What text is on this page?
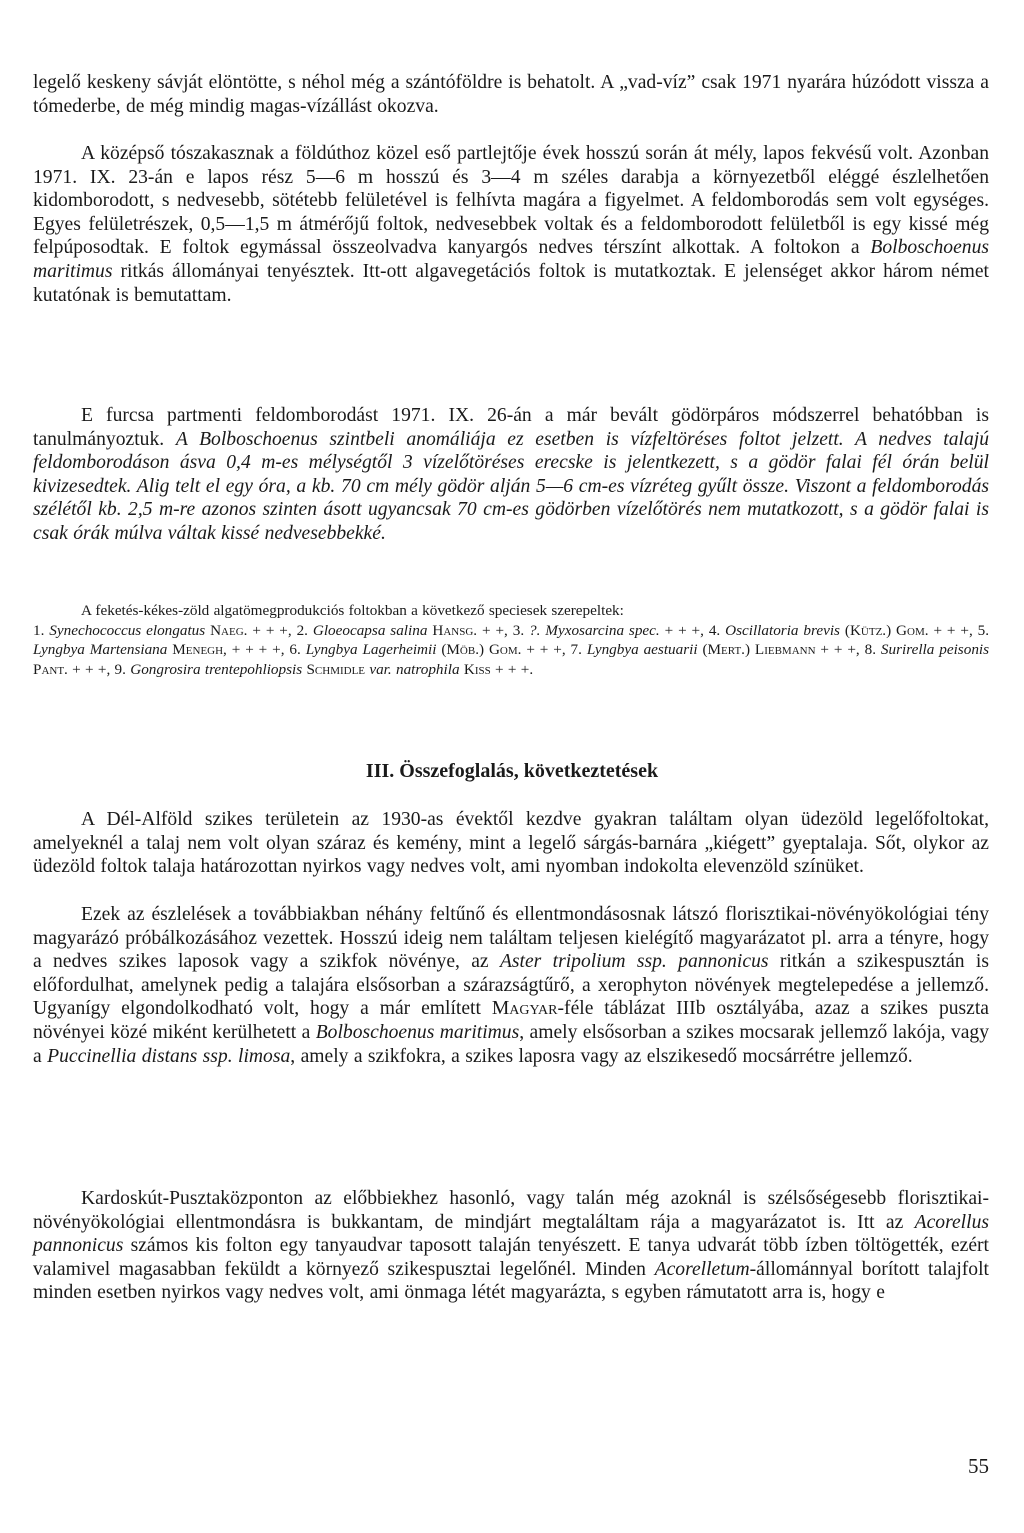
legelő keskeny sávját elöntötte, s néhol még a szántóföldre is behatolt. A „vad-víz” csak 1971 nyarára húzódott vissza a tómederbe, de még mindig magas-vízállást okozva.
A középső tószakasznak a földúthoz közel eső partlejtője évek hosszú során át mély, lapos fekvésű volt. Azonban 1971. IX. 23-án e lapos rész 5—6 m hosszú és 3—4 m széles darabja a környezetből eléggé észlelhetően kidomborodott, s nedvesebb, sötétebb felületével is felhívta magára a figyelmet. A feldomborodás sem volt egységes. Egyes felületrészek, 0,5—1,5 m átmérőjű foltok, nedvesebbek voltak és a feldomborodott felületből is egy kissé még felpúposodtak. E foltok egymással összeolvadva kanyargós nedves térszínt alkottak. A foltokon a Bolboschoenus maritimus ritkás állományai tenyésztek. Itt-ott algavegetációs foltok is mutatkoztak. E jelenséget akkor három német kutatónak is bemutattam.
E furcsa partmenti feldomborodást 1971. IX. 26-án a már bevált gödörpáros módszerrel behatóbban is tanulmányoztuk. A Bolboschoenus szintbeli anomáliája ez esetben is vízfeltöréses foltot jelzett. A nedves talajú feldomborodáson ásva 0,4 m-es mélységtől 3 vízelőtöréses erecske is jelentkezett, s a gödör falai fél órán belül kivizesedtek. Alig telt el egy óra, a kb. 70 cm mély gödör alján 5—6 cm-es vízréteg gyűlt össze. Viszont a feldomborodás szélétől kb. 2,5 m-re azonos szinten ásott ugyancsak 70 cm-es gödörben vízelőtörés nem mutatkozott, s a gödör falai is csak órák múlva váltak kissé nedvesebbekké.
A feketés-kékes-zöld algatömegprodukciós foltokban a következő speciesek szerepeltek:
1. Synechococcus elongatus Naeg. + + +, 2. Gloeocapsa salina Hansg. + +, 3. ?. Myxosarcina spec. + + +, 4. Oscillatoria brevis (Kütz.) Gom. + + +, 5. Lyngbya Martensiana Menegh, + + + +, 6. Lyngbya Lagerheimii (Möb.) Gom. + + +, 7. Lyngbya aestuarii (Mert.) Liebmann + + +, 8. Surirella peisonis Pant. + + +, 9. Gongrosira trentepohliopsis Schmidle var. natrophila Kiss + + +.
III. Összefoglalás, következtetések
A Dél-Alföld szikes területein az 1930-as évektől kezdve gyakran találtam olyan üdezöld legelőfoltokat, amelyeknél a talaj nem volt olyan száraz és kemény, mint a legelő sárgás-barnára „kiégett” gyeptalaja. Sőt, olykor az üdezöld foltok talaja határozottan nyirkos vagy nedves volt, ami nyomban indokolta elevenzöld színüket.
Ezek az észlelések a továbbiakban néhány feltűnő és ellentmondásosnak látszó florisztikai-növényökológiai tény magyarázó próbálkozásához vezettek. Hosszú ideig nem találtam teljesen kielégítő magyarázatot pl. arra a tényre, hogy a nedves szikes laposok vagy a szikfok növénye, az Aster tripolium ssp. pannonicus ritkán a szikespusztán is előfordulhat, amelynek pedig a talajára elsősorban a szárazságtűrő, a xerophyton növények megtelepedése a jellemző. Ugyanígy elgondolkodható volt, hogy a már említett Magyar-féle táblázat IIIb osztályába, azaz a szikes puszta növényei közé miként kerülhetett a Bolboschoenus maritimus, amely elsősorban a szikes mocsarak jellemző lakója, vagy a Puccinellia distans ssp. limosa, amely a szikfokra, a szikes laposra vagy az elszikesedő mocsárrétre jellemző.
Kardoskút-Pusztaközponton az előbbiekhez hasonló, vagy talán még azoknál is szélsőségesebb florisztikai-növényökológiai ellentmondásra is bukkantam, de mindjárt megtaláltam rája a magyarázatot is. Itt az Acorellus pannonicus számos kis folton egy tanyaudvar taposott talaján tenyészett. E tanya udvarát több ízben töltögették, ezért valamivel magasabban feküldt a környező szikespusztai legelőnél. Minden Acorelletum-állománnyal borított talajfolt minden esetben nyirkos vagy nedves volt, ami önmaga létét magyarázta, s egyben rámutatott arra is, hogy e
55
